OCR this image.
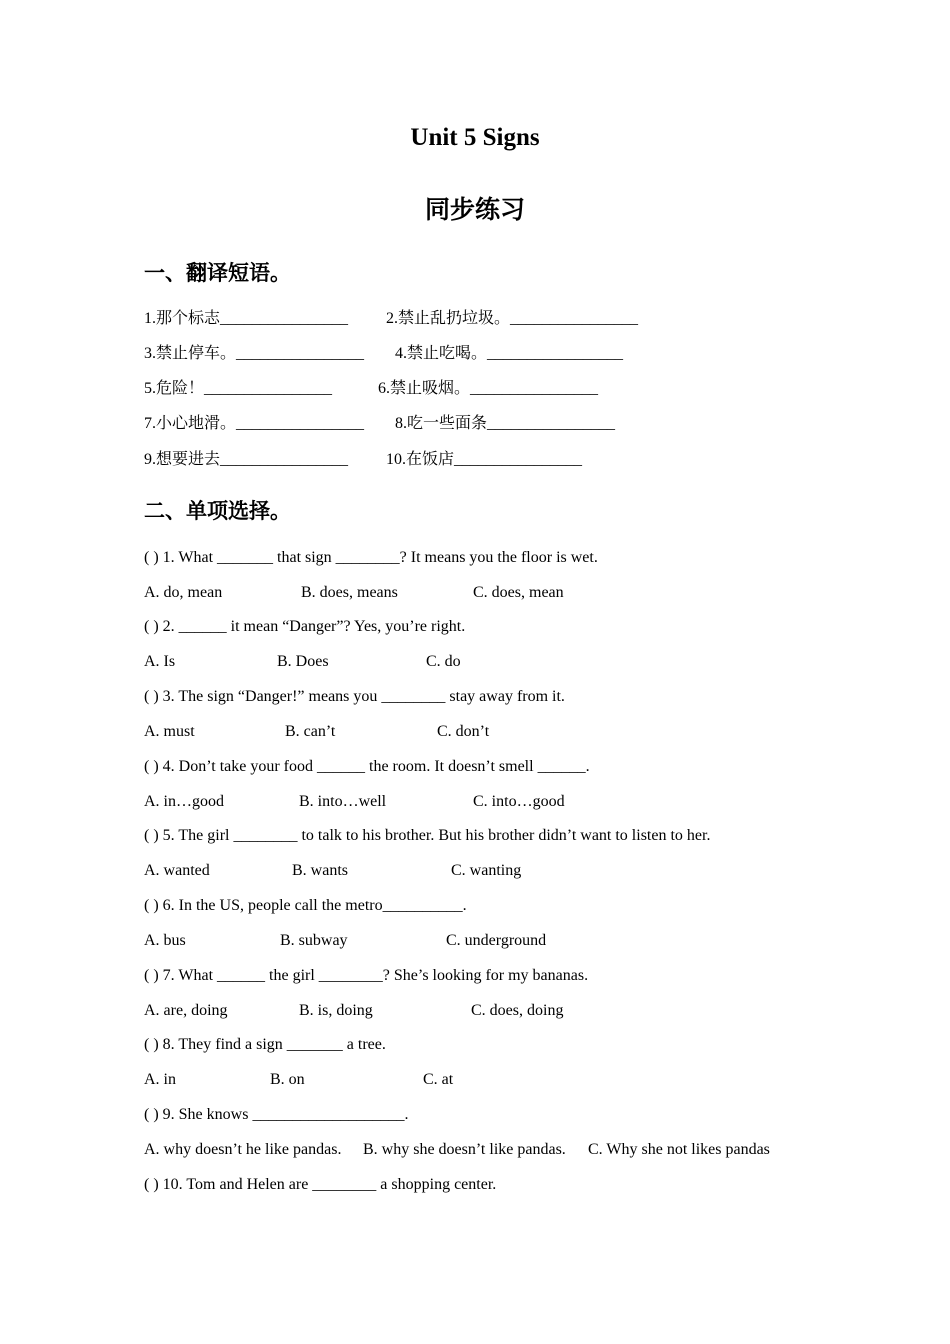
Unit 5 Signs
同步练习
一、翻译短语。
1.那个标志________________ 2.禁止乱扔垃圾。________________
3.禁止停车。________________ 4.禁止吃喝。_________________
5.危险！________________	6.禁止吸烟。________________
7.小心地滑。________________ 8.吃一些面条________________
9.想要进去________________ 10.在饭店________________
二、单项选择。
( ) 1. What _______ that sign ________? It means you the floor is wet.
A. do, mean	B. does, means	C. does, mean
( ) 2. ______ it mean “Danger”? Yes, you’re right.
A. Is	B. Does	C. do
( ) 3. The sign “Danger!” means you ________ stay away from it.
A. must	B. can’t	C. don’t
( ) 4. Don’t take your food ______ the room. It doesn’t smell ______.
A. in…good	B. into…well	C. into…good
( ) 5. The girl ________ to talk to his brother. But his brother didn’t want to listen to her.
A. wanted	B. wants	C. wanting
( ) 6. In the US, people call the metro__________.
A. bus	B. subway	C. underground
( ) 7. What ______ the girl ________? She’s looking for my bananas.
A. are, doing	B. is, doing	C. does, doing
( ) 8. They find a sign _______ a tree.
A. in	B. on	C. at
( ) 9. She knows ___________________.
A. why doesn’t he like pandas. B. why she doesn’t like pandas. C. Why she not likes pandas
( ) 10. Tom and Helen are ________ a shopping center.
